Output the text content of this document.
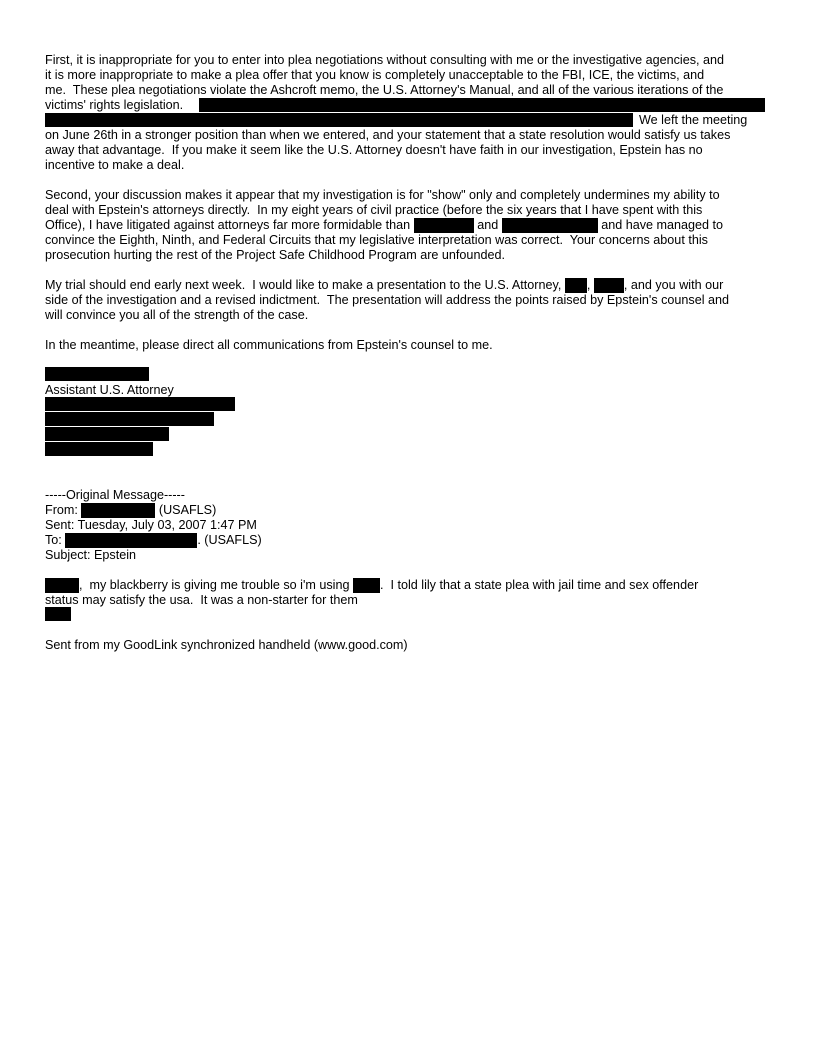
First, it is inappropriate for you to enter into plea negotiations without consulting with me or the investigative agencies, and
it is more inappropriate to make a plea offer that you know is completely unacceptable to the FBI, ICE, the victims, and
me.  These plea negotiations violate the Ashcroft memo, the U.S. Attorney's Manual, and all of the various iterations of the
victims' rights legislation.
We left the meeting
on June 26th in a stronger position than when we entered, and your statement that a state resolution would satisfy us takes
away that advantage.  If you make it seem like the U.S. Attorney doesn't have faith in our investigation, Epstein has no
incentive to make a deal.
Second, your discussion makes it appear that my investigation is for "show" only and completely undermines my ability to
deal with Epstein's attorneys directly.  In my eight years of civil practice (before the six years that I have spent with this
Office), I have litigated against attorneys far more formidable than	and	and have managed to
convince the Eighth, Ninth, and Federal Circuits that my legislative interpretation was correct.  Your concerns about this
prosecution hurting the rest of the Project Safe Childhood Program are unfounded.
My trial should end early next week.  I would like to make a presentation to the U.S. Attorney, ,	, and you with our
side of the investigation and a revised indictment.  The presentation will address the points raised by Epstein's counsel and
will convince you all of the strength of the case.
In the meantime, please direct all communications from Epstein's counsel to me.
Assistant U.S. Attorney
-----Original Message-----
From:	(USAFLS)
Sent: Tuesday, July 03, 2007 1:47 PM
To:	. (USAFLS)
Subject: Epstein
,  my blackberry is giving me trouble so i'm using .  I told lily that a state plea with jail time and sex offender
status may satisfy the usa.  It was a non-starter for them
Sent from my GoodLink synchronized handheld (www.good.com)
